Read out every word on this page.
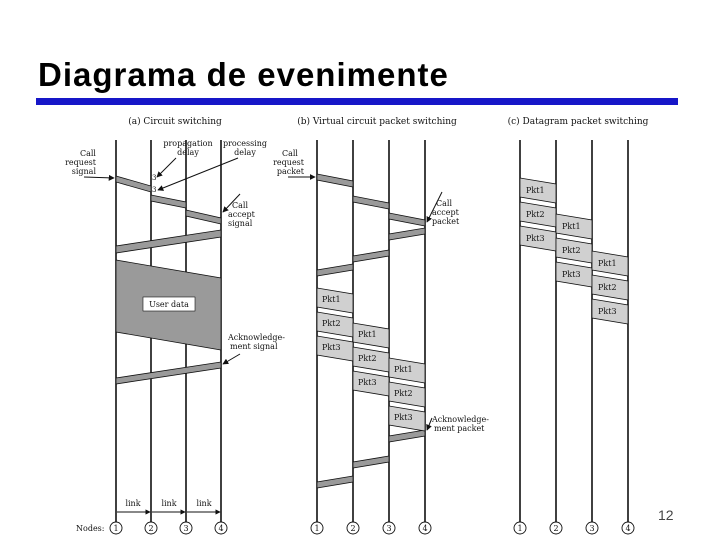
Diagrama de evenimente
(a) Circuit switching	(b) Virtual circuit packet switching	(c) Datagram packet switching
User data
Call
request
signal
propagation
delay
processing
delay
3
3
Call
accept
signal
Acknowledge-
ment signal
link	link link
Call
request
packet
Call
accept
packet
Acknowledge-
ment packet
Pkt1
Pkt2
Pkt3
Pkt1
Pkt2
Pkt3
Pkt1
Pkt2
Pkt3
Pkt1
Pkt2
Pkt3
Pkt1
Pkt2
Pkt3
Pkt1
Pkt2
Pkt3
Nodes: 1	2	3	4	1	2	3	4	1	2	3	4
12
